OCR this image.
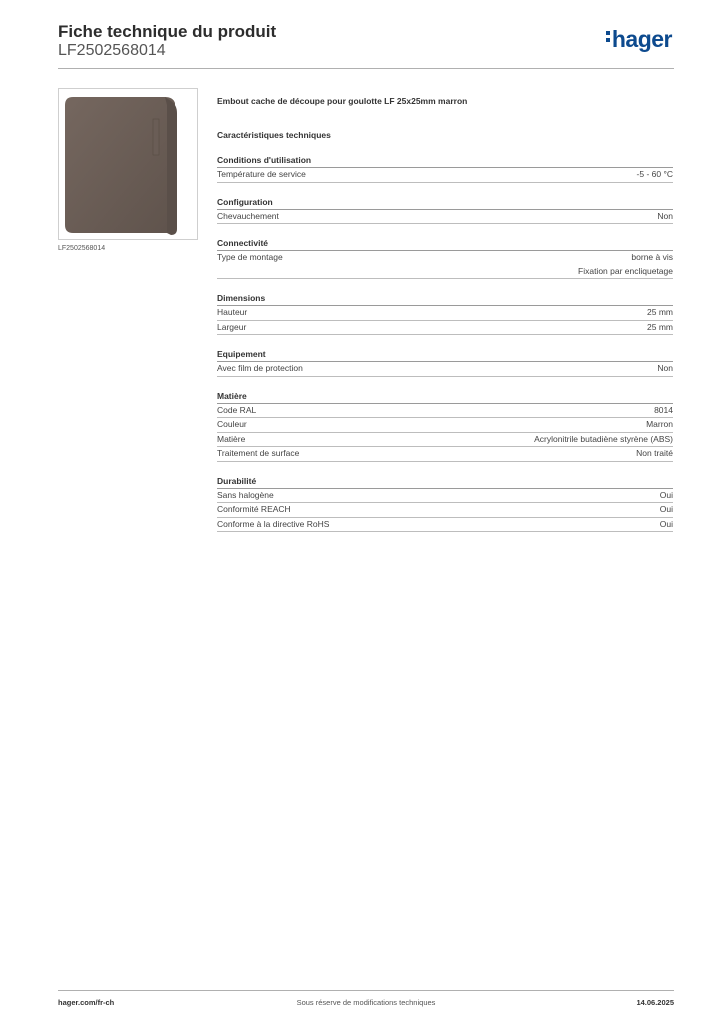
Fiche technique du produit
LF2502568014	hager
LF2502568014
Embout cache de découpe pour goulotte LF 25x25mm marron
Caractéristiques techniques
Conditions d'utilisation
Température de service	-5 - 60 °C
Configuration
Chevauchement	Non
Connectivité
Type de montage	borne à vis
Fixation par encliquetage
Dimensions
Hauteur	25 mm
Largeur	25 mm
Equipement
Avec film de protection	Non
Matière
Code RAL	8014
Couleur	Marron
Matière	Acrylonitrile butadiène styrène (ABS)
Traitement de surface	Non traité
Durabilité
Sans halogène	Oui
Conformité REACH	Oui
Conforme à la directive RoHS	Oui
hager.com/fr-ch	Sous réserve de modifications techniques	14.06.2025
